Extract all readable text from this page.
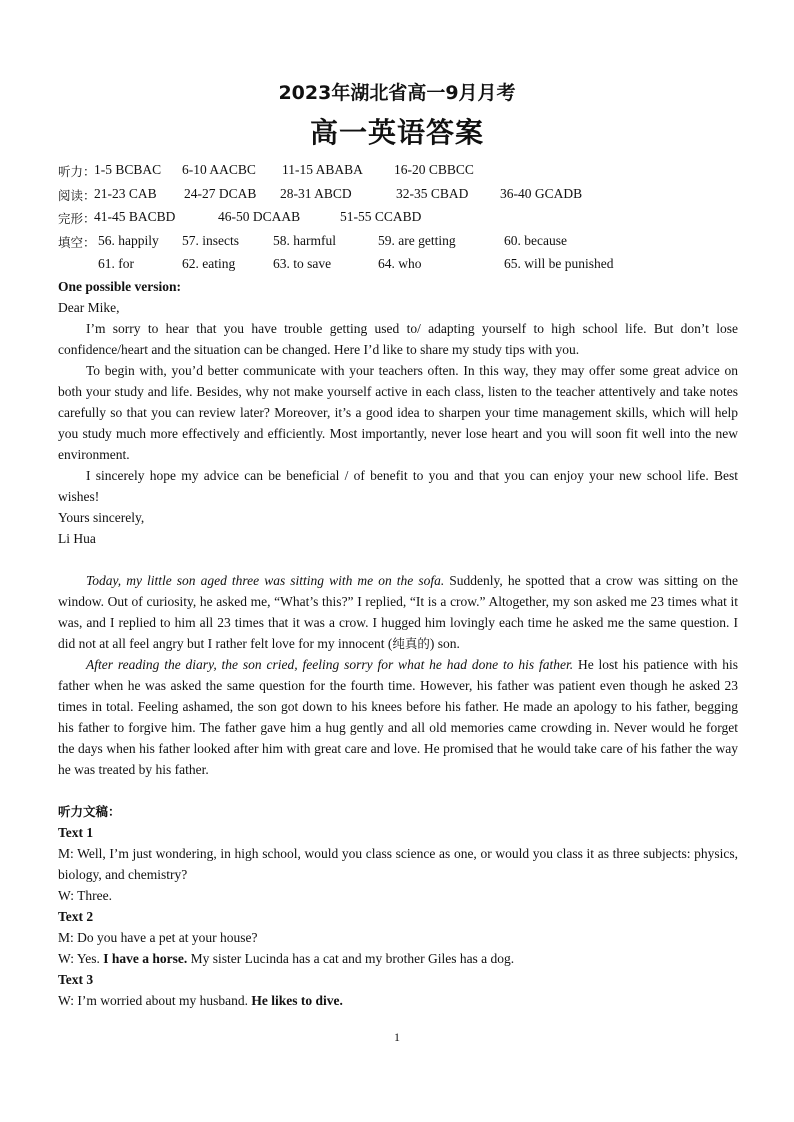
2023年湖北省高一9月月考
高一英语答案
听力：
1-5 BCBAC 6-10 AACBC 11-15 ABABA 16-20 CBBCC
阅读：
21-23 CAB 24-27 DCAB 28-31 ABCD	32-35 CBAD 36-40 GCADB
完形：
41-45 BACBD	46-50 DCAAB	51-55 CCABD
填空： 56. happily 57. insects	58. harmful	59. are getting	60. because
61. for	62. eating	63. to save	64. who	65. will be punished

One possible version:

Dear Mike,

I’m sorry to hear that you have trouble getting used to/ adapting yourself to high school life. But don’t lose confidence/heart and the situation can be changed. Here I’d like to share my study tips with you.

To begin with, you’d better communicate with your teachers often. In this way, they may offer some great advice on both your study and life. Besides, why not make yourself active in each class, listen to the teacher attentively and take notes carefully so that you can review later? Moreover, it’s a good idea to sharpen your time management skills, which will help you study much more effectively and efficiently. Most importantly, never lose heart and you will soon fit well into the new environment.

I sincerely hope my advice can be beneficial / of benefit to you and that you can enjoy your new school life. Best wishes!

Yours sincerely,

Li Hua

Today, my little son aged three was sitting with me on the sofa. Suddenly, he spotted that a crow was sitting on the window. Out of curiosity, he asked me, “What’s this?” I replied, “It is a crow.” Altogether, my son asked me 23 times what it was, and I replied to him all 23 times that it was a crow. I hugged him lovingly each time he asked me the same question. I did not at all feel angry but I rather felt love for my innocent (纯真的) son.

After reading the diary, the son cried, feeling sorry for what he had done to his father. He lost his patience with his father when he was asked the same question for the fourth time. However, his father was patient even though he asked 23 times in total. Feeling ashamed, the son got down to his knees before his father. He made an apology to his father, begging his father to forgive him. The father gave him a hug gently and all old memories came crowding in. Never would he forget the days when his father looked after him with great care and love. He promised that he would take care of his father the way he was treated by his father.

听力文稿：

Text 1

M: Well, I’m just wondering, in high school, would you class science as one, or would you class it as three subjects: physics, biology, and chemistry?

W: Three.

Text 2

M: Do you have a pet at your house?

W: Yes. I have a horse. My sister Lucinda has a cat and my brother Giles has a dog.

Text 3

W: I’m worried about my husband. He likes to dive.

1
